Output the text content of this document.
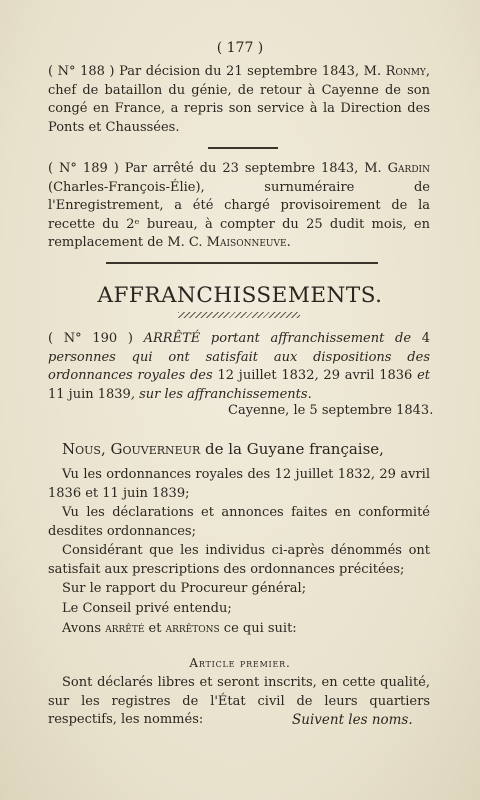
( 177 )
( N° 188 ) Par décision du 21 septembre 1843, M. Ronmy, chef de bataillon du génie, de retour à Cayenne de son congé en France, a repris son service à la Direction des Ponts et Chaussées.
( N° 189 ) Par arrêté du 23 septembre 1843, M. Gardin (Charles-François-Élie), surnuméraire de l'Enregistrement, a été chargé provisoirement de la recette du 2ᵉ bureau, à compter du 25 dudit mois, en remplacement de M. C. Maisonneuve.
AFFRANCHISSEMENTS.
( N° 190 ) ARRÊTÉ portant affranchissement de 4 personnes qui ont satisfait aux dispositions des ordonnances royales des 12 juillet 1832, 29 avril 1836 et 11 juin 1839, sur les affranchissements.
Cayenne, le 5 septembre 1843.
Nous, Gouverneur de la Guyane française,
Vu les ordonnances royales des 12 juillet 1832, 29 avril 1836 et 11 juin 1839;
Vu les déclarations et annonces faites en conformité desdites ordonnances;
Considérant que les individus ci-après dénommés ont satisfait aux prescriptions des ordonnances précitées;
Sur le rapport du Procureur général;
Le Conseil privé entendu;
Avons arrêté et arrêtons ce qui suit:
Article premier.
Sont déclarés libres et seront inscrits, en cette qualité, sur les registres de l'État civil de leurs quartiers respectifs, les nommés:	Suivent les noms.
